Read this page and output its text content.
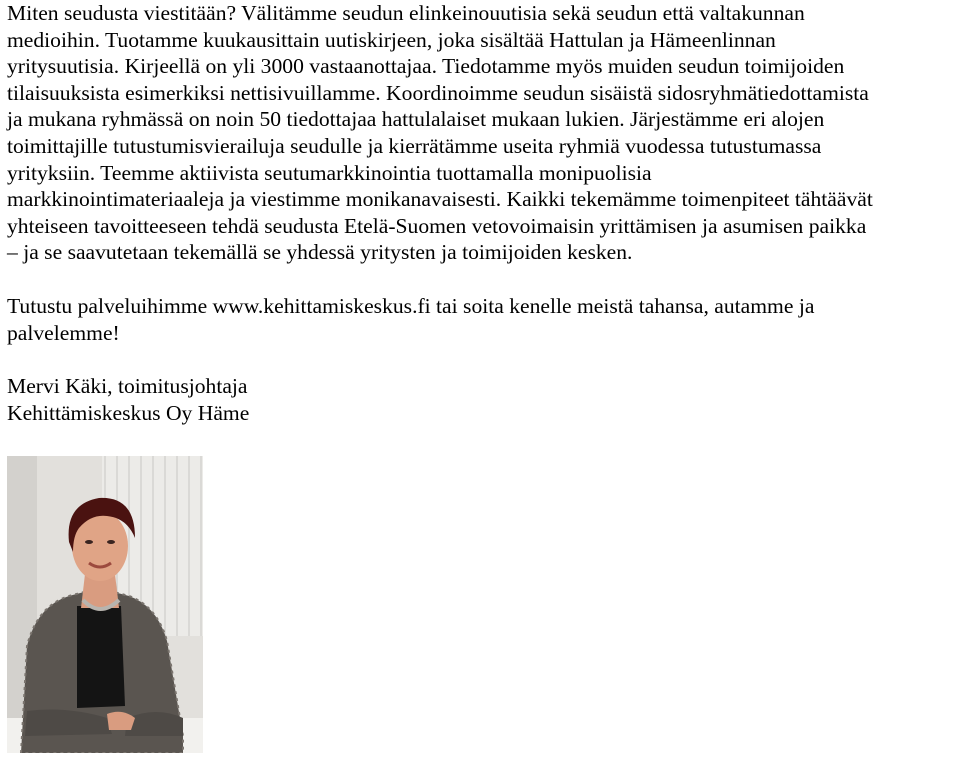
Miten seudusta viestitään? Välitämme seudun elinkeinouutisia sekä seudun että valtakunnan
medioihin. Tuotamme kuukausittain uutiskirjeen, joka sisältää Hattulan ja Hämeenlinnan
yritysuutisia. Kirjeellä on yli 3000 vastaanottajaa. Tiedotamme myös muiden seudun toimijoiden
tilaisuuksista esimerkiksi nettisivuillamme. Koordinoimme seudun sisäistä sidosryhmätiedottamista
ja mukana ryhmässä on noin 50 tiedottajaa hattulalaiset mukaan lukien. Järjestämme eri alojen
toimittajille tutustumisvierailuja seudulle ja kierrätämme useita ryhmiä vuodessa tutustumassa
yrityksiin. Teemme aktiivista seutumarkkinointia tuottamalla monipuolisia
markkinointimateriaaleja ja viestimme monikanavaisesti. Kaikki tekemämme toimenpiteet tähtäävät
yhteiseen tavoitteeseen tehdä seudusta Etelä-Suomen vetovoimaisin yrittämisen ja asumisen paikka
– ja se saavutetaan tekemällä se yhdessä yritysten ja toimijoiden kesken.
Tutustu palveluihimme www.kehittamiskeskus.fi tai soita kenelle meistä tahansa, autamme ja
palvelemme!
Mervi Käki, toimitusjohtaja
Kehittämiskeskus Oy Häme
